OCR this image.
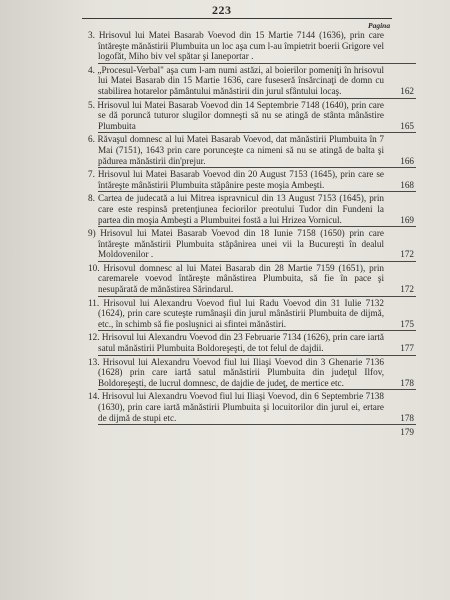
223
Pagina
3. Hrisovul lui Matei Basarab Voevod din 15 Martie 7144 (1636), prin care întăreşte mănăstirii Plumbuita un loc aşa cum l-au împietrit boerii Grigore vel logofăt, Miho biv vel spătar şi Ianeportar .
4. „Procesul-Verbal" aşa cum l-am numi astăzi, al boierilor pomeniţi în hrisovul lui Matei Basarab din 15 Martie 1636, care fuseseră însărcinaţi de domn cu stabilirea hotarelor pământului mănăstirii din jurul sfântului locaş.	162
5. Hrisovul lui Matei Basarab Voevod din 14 Septembrie 7148 (1640), prin care se dă poruncă tuturor slugilor domneşti să nu se atingă de stânta mânăstire Plumbuita	165
6. Răvaşul domnesc al lui Matei Basarab Voevod, dat mănăstirii Plumbuita în 7 Mai (7151), 1643 prin care porunceşte ca nimeni să nu se atingă de balta şi pădurea mănăstirii din'prejur.	166
7. Hrisovul lui Matei Basarab Voevod din 20 August 7153 (1645), prin care se întăreşte mânăstirii Plumbuita stăpânire peste moşia Ambeşti.	168
8. Cartea de judecată a lui Mitrea ispravnicul din 13 August 7153 (1645), prin care este respinsă pretenţiunea feciorilor preotului Tudor din Fundeni la partea din moşia Ambeşti a Plumbuitei fostă a lui Hrizea Vornicul.	169
9) Hrisovul lui Matei Basarab Voevod din 18 Iunie 7158 (1650) prin care întăreşte mănăstirii Plumbuita stăpânirea unei vii la Bucureşti în dealul Moldovenilor .	172
10. Hrisovul domnesc al lui Matei Basarab din 28 Martie 7159 (1651), prin caremarele voevod întăreşte mânăstirea Plumbuita, să fie în pace şi nesupărată de mănăstirea Sărindarul.	172
11. Hrisovul lui Alexandru Voevod fiul lui Radu Voevod din 31 Iulie 7132 (1624), prin care scuteşte rumânaşii din jurul mânăstirii Plumbuita de dijmă, etc., în schimb să fie posluşnici ai sfintei mănăstiri.	175
12. Hrisovul lui Alexandru Voevod din 23 Februarie 7134 (1626), prin care iartă satul mănăstirii Plumbuita Boldoreşeşti, de tot felul de dajdii.	177
13. Hrisovul lui Alexandru Voevod fiul lui Iliaşi Voevod din 3 Ghenarie 7136 (1628) prin care iartă satul mănăstirii Plumbuita din judeţul Ilfov, Boldoreşeşti, de lucrul domnesc, de dajdie de judeţ, de mertice etc.	178
14. Hrisovul lui Alexandru Voevod fiul lui Iliaşi Voevod, din 6 Septembrie 7138 (1630), prin care iartă mănăstirii Plumbuita şi locuitorilor din jurul ei, ertare de dijmă de stupi etc.	178
179
